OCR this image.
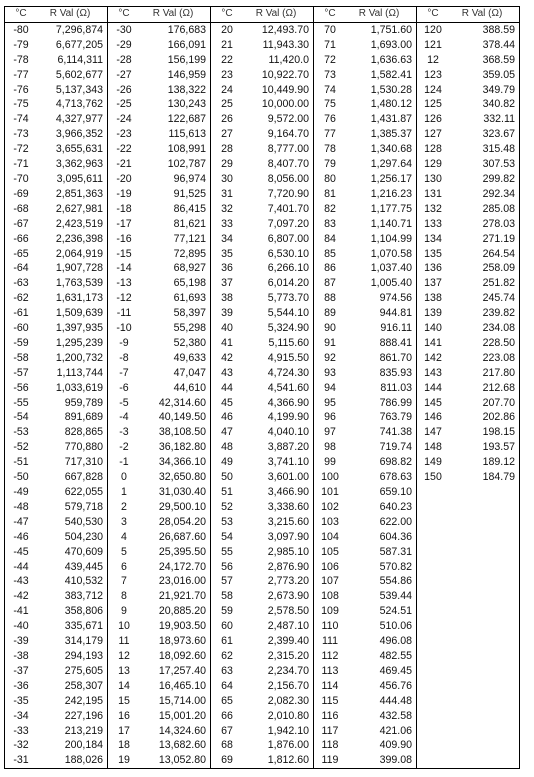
°C	R Val (Ω)	°C	R Val (Ω)	°C	R Val (Ω)	°C	R Val (Ω)	°C	R Val (Ω)
-80	7,296,874	-30	176,683	20	12,493.70	70	1,751.60	120	388.59
-79	6,677,205	-29	166,091	21	11,943.30	71	1,693.00	121	378.44
-78	6,114,311	-28	156,199	22	11,420.0	72	1,636.63	12	368.59
-77	5,602,677	-27	146,959	23	10,922.70	73	1,582.41	123	359.05
-76	5,137,343	-26	138,322	24	10,449.90	74	1,530.28	124	349.79
-75	4,713,762	-25	130,243	25	10,000.00	75	1,480.12	125	340.82
-74	4,327,977	-24	122,687	26	9,572.00	76	1,431.87	126	332.11
-73	3,966,352	-23	115,613	27	9,164.70	77	1,385.37	127	323.67
-72	3,655,631	-22	108,991	28	8,777.00	78	1,340.68	128	315.48
-71	3,362,963	-21	102,787	29	8,407.70	79	1,297.64	129	307.53
-70	3,095,611	-20	96,974	30	8,056.00	80	1,256.17	130	299.82
-69	2,851,363	-19	91,525	31	7,720.90	81	1,216.23	131	292.34
-68	2,627,981	-18	86,415	32	7,401.70	82	1,177.75	132	285.08
-67	2,423,519	-17	81,621	33	7,097.20	83	1,140.71	133	278.03
-66	2,236,398	-16	77,121	34	6,807.00	84	1,104.99	134	271.19
-65	2,064,919	-15	72,895	35	6,530.10	85	1,070.58	135	264.54
-64	1,907,728	-14	68,927	36	6,266.10	86	1,037.40	136	258.09
-63	1,763,539	-13	65,198	37	6,014.20	87	1,005.40	137	251.82
-62	1,631,173	-12	61,693	38	5,773.70	88	974.56	138	245.74
-61	1,509,639	-11	58,397	39	5,544.10	89	944.81	139	239.82
-60	1,397,935	-10	55,298	40	5,324.90	90	916.11	140	234.08
-59	1,295,239	-9	52,380	41	5,115.60	91	888.41	141	228.50
-58	1,200,732	-8	49,633	42	4,915.50	92	861.70	142	223.08
-57	1,113,744	-7	47,047	43	4,724.30	93	835.93	143	217.80
-56	1,033,619	-6	44,610	44	4,541.60	94	811.03	144	212.68
-55	959,789	-5	42,314.60	45	4,366.90	95	786.99	145	207.70
-54	891,689	-4	40,149.50	46	4,199.90	96	763.79	146	202.86
-53	828,865	-3	38,108.50	47	4,040.10	97	741.38	147	198.15
-52	770,880	-2	36,182.80	48	3,887.20	98	719.74	148	193.57
-51	717,310	-1	34,366.10	49	3,741.10	99	698.82	149	189.12
-50	667,828	0	32,650.80	50	3,601.00	100	678.63	150	184.79
-49	622,055	1	31,030.40	51	3,466.90	101	659.10		
-48	579,718	2	29,500.10	52	3,338.60	102	640.23		
-47	540,530	3	28,054.20	53	3,215.60	103	622.00		
-46	504,230	4	26,687.60	54	3,097.90	104	604.36		
-45	470,609	5	25,395.50	55	2,985.10	105	587.31		
-44	439,445	6	24,172.70	56	2,876.90	106	570.82		
-43	410,532	7	23,016.00	57	2,773.20	107	554.86		
-42	383,712	8	21,921.70	58	2,673.90	108	539.44		
-41	358,806	9	20,885.20	59	2,578.50	109	524.51		
-40	335,671	10	19,903.50	60	2,487.10	110	510.06		
-39	314,179	11	18,973.60	61	2,399.40	111	496.08		
-38	294,193	12	18,092.60	62	2,315.20	112	482.55		
-37	275,605	13	17,257.40	63	2,234.70	113	469.45		
-36	258,307	14	16,465.10	64	2,156.70	114	456.76		
-35	242,195	15	15,714.00	65	2,082.30	115	444.48		
-34	227,196	16	15,001.20	66	2,010.80	116	432.58		
-33	213,219	17	14,324.60	67	1,942.10	117	421.06		
-32	200,184	18	13,682.60	68	1,876.00	118	409.90		
-31	188,026	19	13,052.80	69	1,812.60	119	399.08		
